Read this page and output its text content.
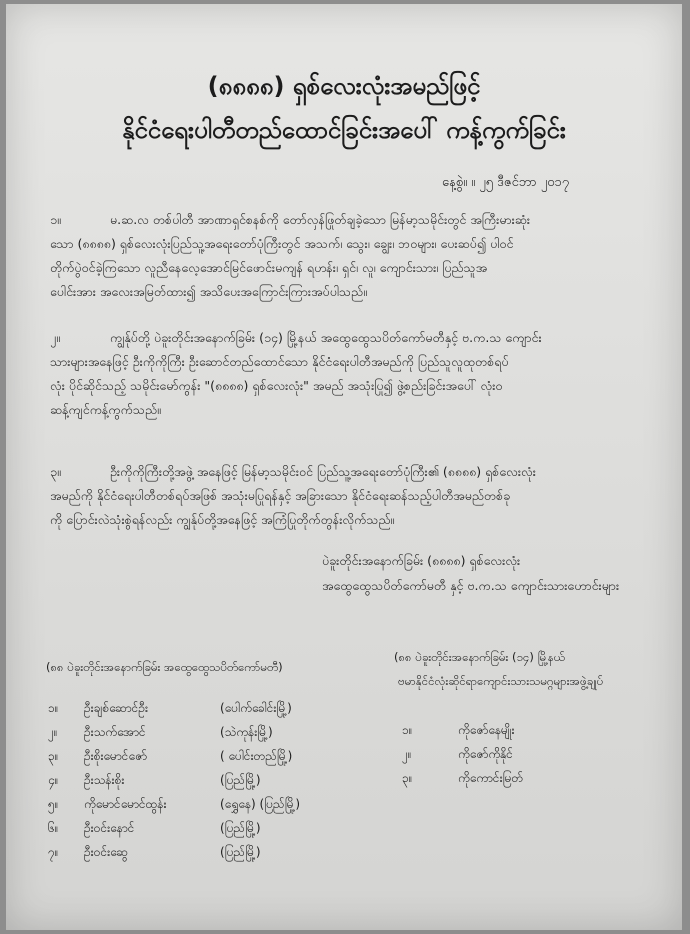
(၈၈၈၈) ရှစ်လေးလုံးအမည်ဖြင့်
နိုင်ငံရေးပါတီတည်ထောင်ခြင်းအပေါ် ကန့်ကွက်ခြင်း
နေ့စွဲ။ ။ ၂၅ ဒီဇင်ဘာ ၂၀၁၇
၁။	မ.ဆ.လ တစ်ပါတီ အာဏာရှင်စနစ်ကို တော်လှန်ဖြုတ်ချခဲ့သော မြန်မာ့သမိုင်းတွင် အကြီးမားဆုံး
သော (၈၈၈၈) ရှစ်လေးလုံးပြည်သူ့အရေးတော်ပုံကြီးတွင် အသက်၊ သွေး၊ ချွေး၊ ဘဝများ၊ ပေးဆပ်၍ ပါဝင်
တိုက်ပွဲဝင်ခဲ့ကြသော လူညီနေလေ့အောင်မြင်ဖောင်းမကျန် ရဟန်း၊ ရှင်၊ လူ၊ ကျောင်းသား၊ ပြည်သူအ
ပေါင်းအား အလေးအမြတ်ထား၍ အသိပေးအကြောင်းကြားအပ်ပါသည်။
၂။	ကျွန်ုပ်တို့ ပဲခူးတိုင်းအနောက်ခြမ်း (၁၄) မြို့နယ် အထွေထွေသပိတ်ကော်မတီနှင့် ဗ.က.သ ကျောင်း
သားများအနေဖြင့် ဦးကိုကိုကြီး ဦးဆောင်တည်ထောင်သော နိုင်ငံရေးပါတီအမည်ကို ပြည်သူလူထုတစ်ရပ်
လုံး ပိုင်ဆိုင်သည့် သမိုင်းမော်ကွန်း "(၈၈၈၈) ရှစ်လေးလုံး" အမည် အသုံးပြု၍ ဖွဲ့စည်းခြင်းအပေါ် လုံးဝ
ဆန့်ကျင်ကန့်ကွက်သည်။
၃။	ဦးကိုကိုကြီးတို့အဖွဲ့ အနေဖြင့် မြန်မာ့သမိုင်းဝင် ပြည်သူ့အရေးတော်ပုံကြီး၏ (၈၈၈၈) ရှစ်လေးလုံး
အမည်ကို နိုင်ငံရေးပါတီတစ်ရပ်အဖြစ် အသုံးမပြုရန်နှင့် အခြားသော နိုင်ငံရေးဆန်သည့်ပါတီအမည်တစ်ခု
ကို ပြောင်းလဲသုံးစွဲရန်လည်း ကျွန်ုပ်တို့အနေဖြင့် အကြံပြုတိုက်တွန်းလိုက်သည်။
ပဲခူးတိုင်းအနောက်ခြမ်း (၈၈၈၈) ရှစ်လေးလုံး
အထွေထွေသပိတ်ကော်မတီ နှင့် ဗ.က.သ ကျောင်းသားဟောင်းများ
(၈၈ ပဲခူးတိုင်းအနောက်ခြမ်း အထွေထွေသပိတ်ကော်မတီ)
(၈၈ ပဲခူးတိုင်းအနောက်ခြမ်း (၁၄) မြို့နယ်
ဗမာနိုင်ငံလုံးဆိုင်ရာကျောင်းသားသမဂ္ဂများအဖွဲ့ချုပ်
၁။ ဦးချစ်ဆောင်ဦး	(ပေါက်ခေါင်းမြို့)
၂။ ဦးသက်အောင်	(သဲကုန်းမြို့)
၃။ ဦးစိုးမောင်ဇော်	( ပေါင်းတည်မြို့)
၄။ ဦးသန်းစိုး	(ပြည်မြို့)
၅။ ကိုမောင်မောင်ထွန်း	(ရွှေနေ) (ပြည်မြို့)
၆။ ဦးဝင်းနောင်	(ပြည်မြို့)
၇။ ဦးဝင်းဆွေ	(ပြည်မြို့)
၁။	ကိုဇော်နေမျိုး
၂။	ကိုဇော်ကိုနိုင်
၃။	ကိုကောင်းမြတ်
